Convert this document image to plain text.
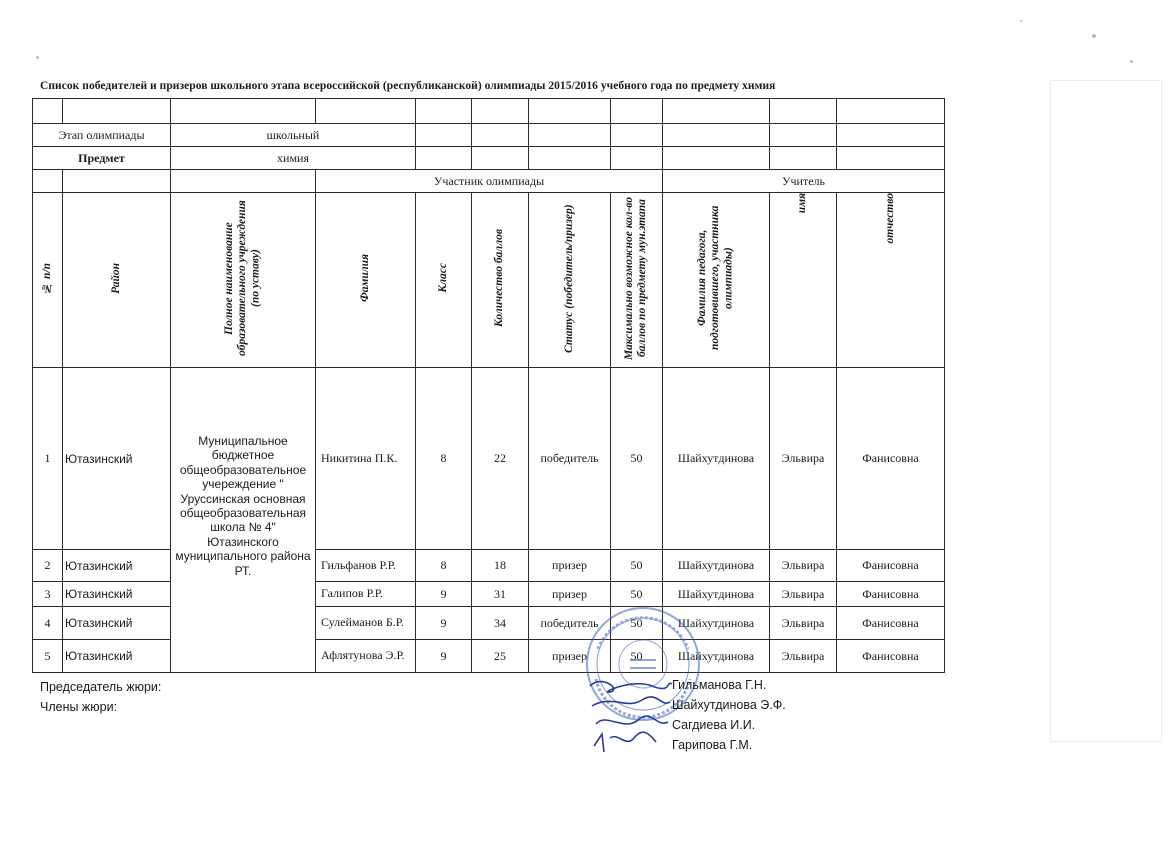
Список победителей и призеров школьного этапа всероссийской (республиканской) олимпиады 2015/2016 учебного года по предмету химия

Этап олимпиады		школьный								
Предмет		химия								
			Участник олимпиады					Учитель		
№ п/п	Район	Полное наименование образовательного учреждения (по уставу)	Фамилия	Класс	Количество баллов	Статус (победитель/призер)	Максимально возможное кол-во баллов по предмету мун.этапа	Фамилия педагога, подготовившего, участника олимпиады)	имя	отчество
1	Ютазинский	Муниципальное бюджетное общеобразовательное учереждение " Уруссинская основная общеобразовательная школа № 4" Ютазинского муниципального района РТ.	Никитина П.К.	8	22	победитель	50	Шайхутдинова	Эльвира	Фанисовна
2	Ютазинский		Гильфанов Р.Р.	8	18	призер	50	Шайхутдинова	Эльвира	Фанисовна
3	Ютазинский		Галипов Р.Р.	9	31	призер	50	Шайхутдинова	Эльвира	Фанисовна
4	Ютазинский		Сулейманов Б.Р.	9	34	победитель	50	Шайхутдинова	Эльвира	Фанисовна
5	Ютазинский		Афлятунова Э.Р.	9	25	призер	50	Шайхутдинова	Эльвира	Фанисовна
Председатель жюри:
Члены жюри:
Гильманова Г.Н.
Шайхутдинова Э.Ф.
Сагдиева И.И.
Гарипова Г.М.
